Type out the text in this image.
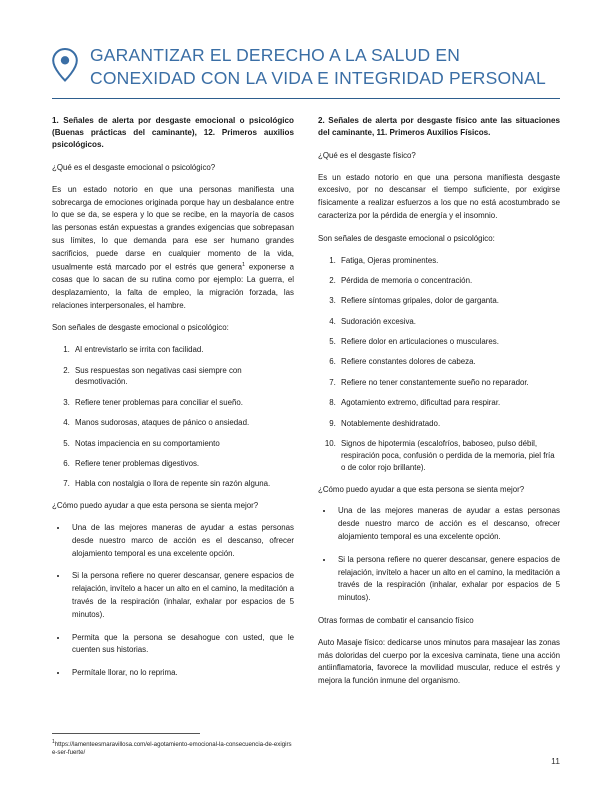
GARANTIZAR EL DERECHO A LA SALUD EN
CONEXIDAD CON LA VIDA E INTEGRIDAD PERSONAL
1. Señales de alerta por desgaste emocional o psicológico (Buenas prácticas del caminante), 12. Primeros auxilios psicológicos.

¿Qué es el desgaste emocional o psicológico?

Es un estado notorio en que una personas manifiesta una sobrecarga de emociones originada porque hay un desbalance entre lo que se da, se espera y lo que se recibe, en la mayoría de casos las personas están expuestas a grandes exigencias que sobrepasan sus límites, lo que demanda para ese ser humano grandes sacrificios, puede darse en cualquier momento de la vida, usualmente está marcado por el estrés que genera$^1$ exponerse a cosas que lo sacan de su rutina como por ejemplo: La guerra, el desplazamiento, la falta de empleo, la migración forzada, las relaciones interpersonales, el hambre.

Son señales de desgaste emocional o psicológico:

1. Al entrevistarlo se irrita con facilidad.
2. Sus respuestas son negativas casi siempre con desmotivación.
3. Refiere tener problemas para conciliar el sueño.
4. Manos sudorosas, ataques de pánico o ansiedad.
5. Notas impaciencia en su comportamiento
6. Refiere tener problemas digestivos.
7. Habla con nostalgia o llora de repente sin razón alguna.

¿Cómo puedo ayudar a que esta persona se sienta mejor?

• Una de las mejores maneras de ayudar a estas personas desde nuestro marco de acción es el descanso, ofrecer alojamiento temporal es una excelente opción.
• Si la persona refiere no querer descansar, genere espacios de relajación, invítelo a hacer un alto en el camino, la meditación a través de la respiración (inhalar, exhalar por espacios de 5 minutos).
• Permita que la persona se desahogue con usted, que le cuenten sus historias.
• Permítale llorar, no lo reprima.
2. Señales de alerta por desgaste físico ante las situaciones del caminante, 11. Primeros Auxilios Físicos.

¿Qué es el desgaste físico?

Es un estado notorio en que una persona manifiesta desgaste excesivo, por no descansar el tiempo suficiente, por exigirse físicamente a realizar esfuerzos a los que no está acostumbrado se caracteriza por la pérdida de energía y el insomnio.

Son señales de desgaste emocional o psicológico:

1. Fatiga, Ojeras prominentes.
2. Pérdida de memoria o concentración.
3. Refiere síntomas gripales, dolor de garganta.
4. Sudoración excesiva.
5. Refiere dolor en articulaciones o musculares.
6. Refiere constantes dolores de cabeza.
7. Refiere no tener constantemente sueño no reparador.
8. Agotamiento extremo, dificultad para respirar.
9. Notablemente deshidratado.
10. Signos de hipotermia (escalofríos, baboseo, pulso débil, respiración poca, confusión o perdida de la memoria, piel fría o de color rojo brillante).

¿Cómo puedo ayudar a que esta persona se sienta mejor?

• Una de las mejores maneras de ayudar a estas personas desde nuestro marco de acción es el descanso, ofrecer alojamiento temporal es una excelente opción.
• Si la persona refiere no querer descansar, genere espacios de relajación, invítelo a hacer un alto en el camino, la meditación a través de la respiración (inhalar, exhalar por espacios de 5 minutos).

Otras formas de combatir el cansancio físico

Auto Masaje físico: dedicarse unos minutos para masajear las zonas más doloridas del cuerpo por la excesiva caminata, tiene una acción antiinflamatoria, favorece la movilidad muscular, reduce el estrés y mejora la función inmune del organismo.

$^1$https://lamenteesmaravillosa.com/el-agotamiento-emocional-la-consecuencia-de-exigirse-ser-fuerte/
11
